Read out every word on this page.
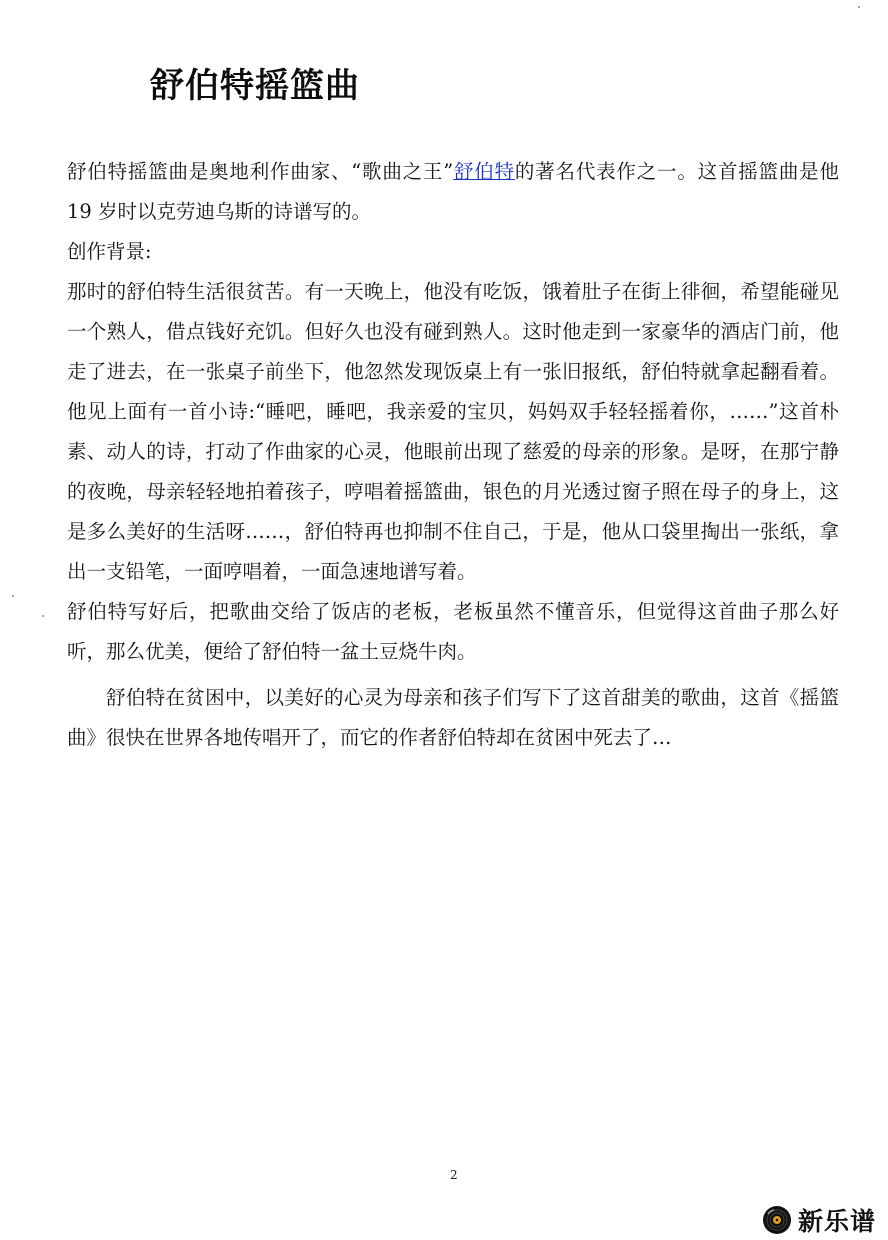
舒伯特摇篮曲

舒伯特摇篮曲是奥地利作曲家、“歌曲之王”舒伯特的著名代表作之一。这首摇篮曲是他 19 岁时以克劳迪乌斯的诗谱写的。

创作背景:

那时的舒伯特生活很贫苦。有一天晚上，他没有吃饭，饿着肚子在街上徘徊，希望能碰见一个熟人，借点钱好充饥。但好久也没有碰到熟人。这时他走到一家豪华的酒店门前，他走了进去，在一张桌子前坐下，他忽然发现饭桌上有一张旧报纸，舒伯特就拿起翻看着。他见上面有一首小诗:“睡吧，睡吧，我亲爱的宝贝，妈妈双手轻轻摇着你，……”这首朴素、动人的诗，打动了作曲家的心灵，他眼前出现了慈爱的母亲的形象。是呀，在那宁静的夜晚，母亲轻轻地拍着孩子，哼唱着摇篮曲，银色的月光透过窗子照在母子的身上，这是多么美好的生活呀……，舒伯特再也抑制不住自己，于是，他从口袋里掏出一张纸，拿出一支铅笔，一面哼唱着，一面急速地谱写着。

舒伯特写好后，把歌曲交给了饭店的老板，老板虽然不懂音乐，但觉得这首曲子那么好听，那么优美，便给了舒伯特一盆土豆烧牛肉。

舒伯特在贫困中，以美好的心灵为母亲和孩子们写下了这首甜美的歌曲，这首《摇篮曲》很快在世界各地传唱开了，而它的作者舒伯特却在贫困中死去了…

2
新乐谱
